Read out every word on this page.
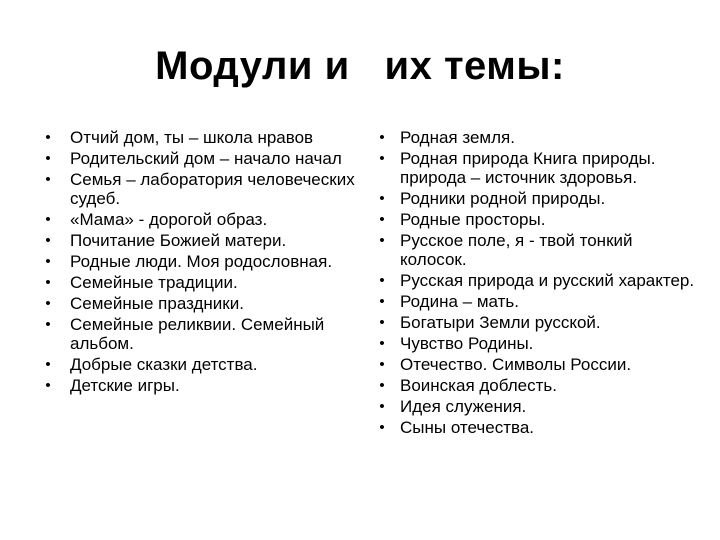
Модули и   их темы:
•	Отчий дом, ты – школа нравов
•	Родительский дом – начало начал
•	Семья – лаборатория человеческих судеб.
•	«Мама» - дорогой образ.
•	Почитание Божией матери.
•	Родные люди. Моя родословная.
•	Семейные традиции.
•	Семейные праздники.
•	Семейные реликвии. Семейный альбом.
•	Добрые сказки детства.
•	Детские игры.
• Родная земля.
• Родная природа Книга природы. природа – источник здоровья.
• Родники родной природы.
• Родные просторы.
• Русское поле, я - твой тонкий колосок.
• Русская природа и русский характер.
• Родина – мать.
• Богатыри Земли русской.
• Чувство Родины.
• Отечество. Символы России.
• Воинская доблесть.
• Идея служения.
• Сыны отечества.
